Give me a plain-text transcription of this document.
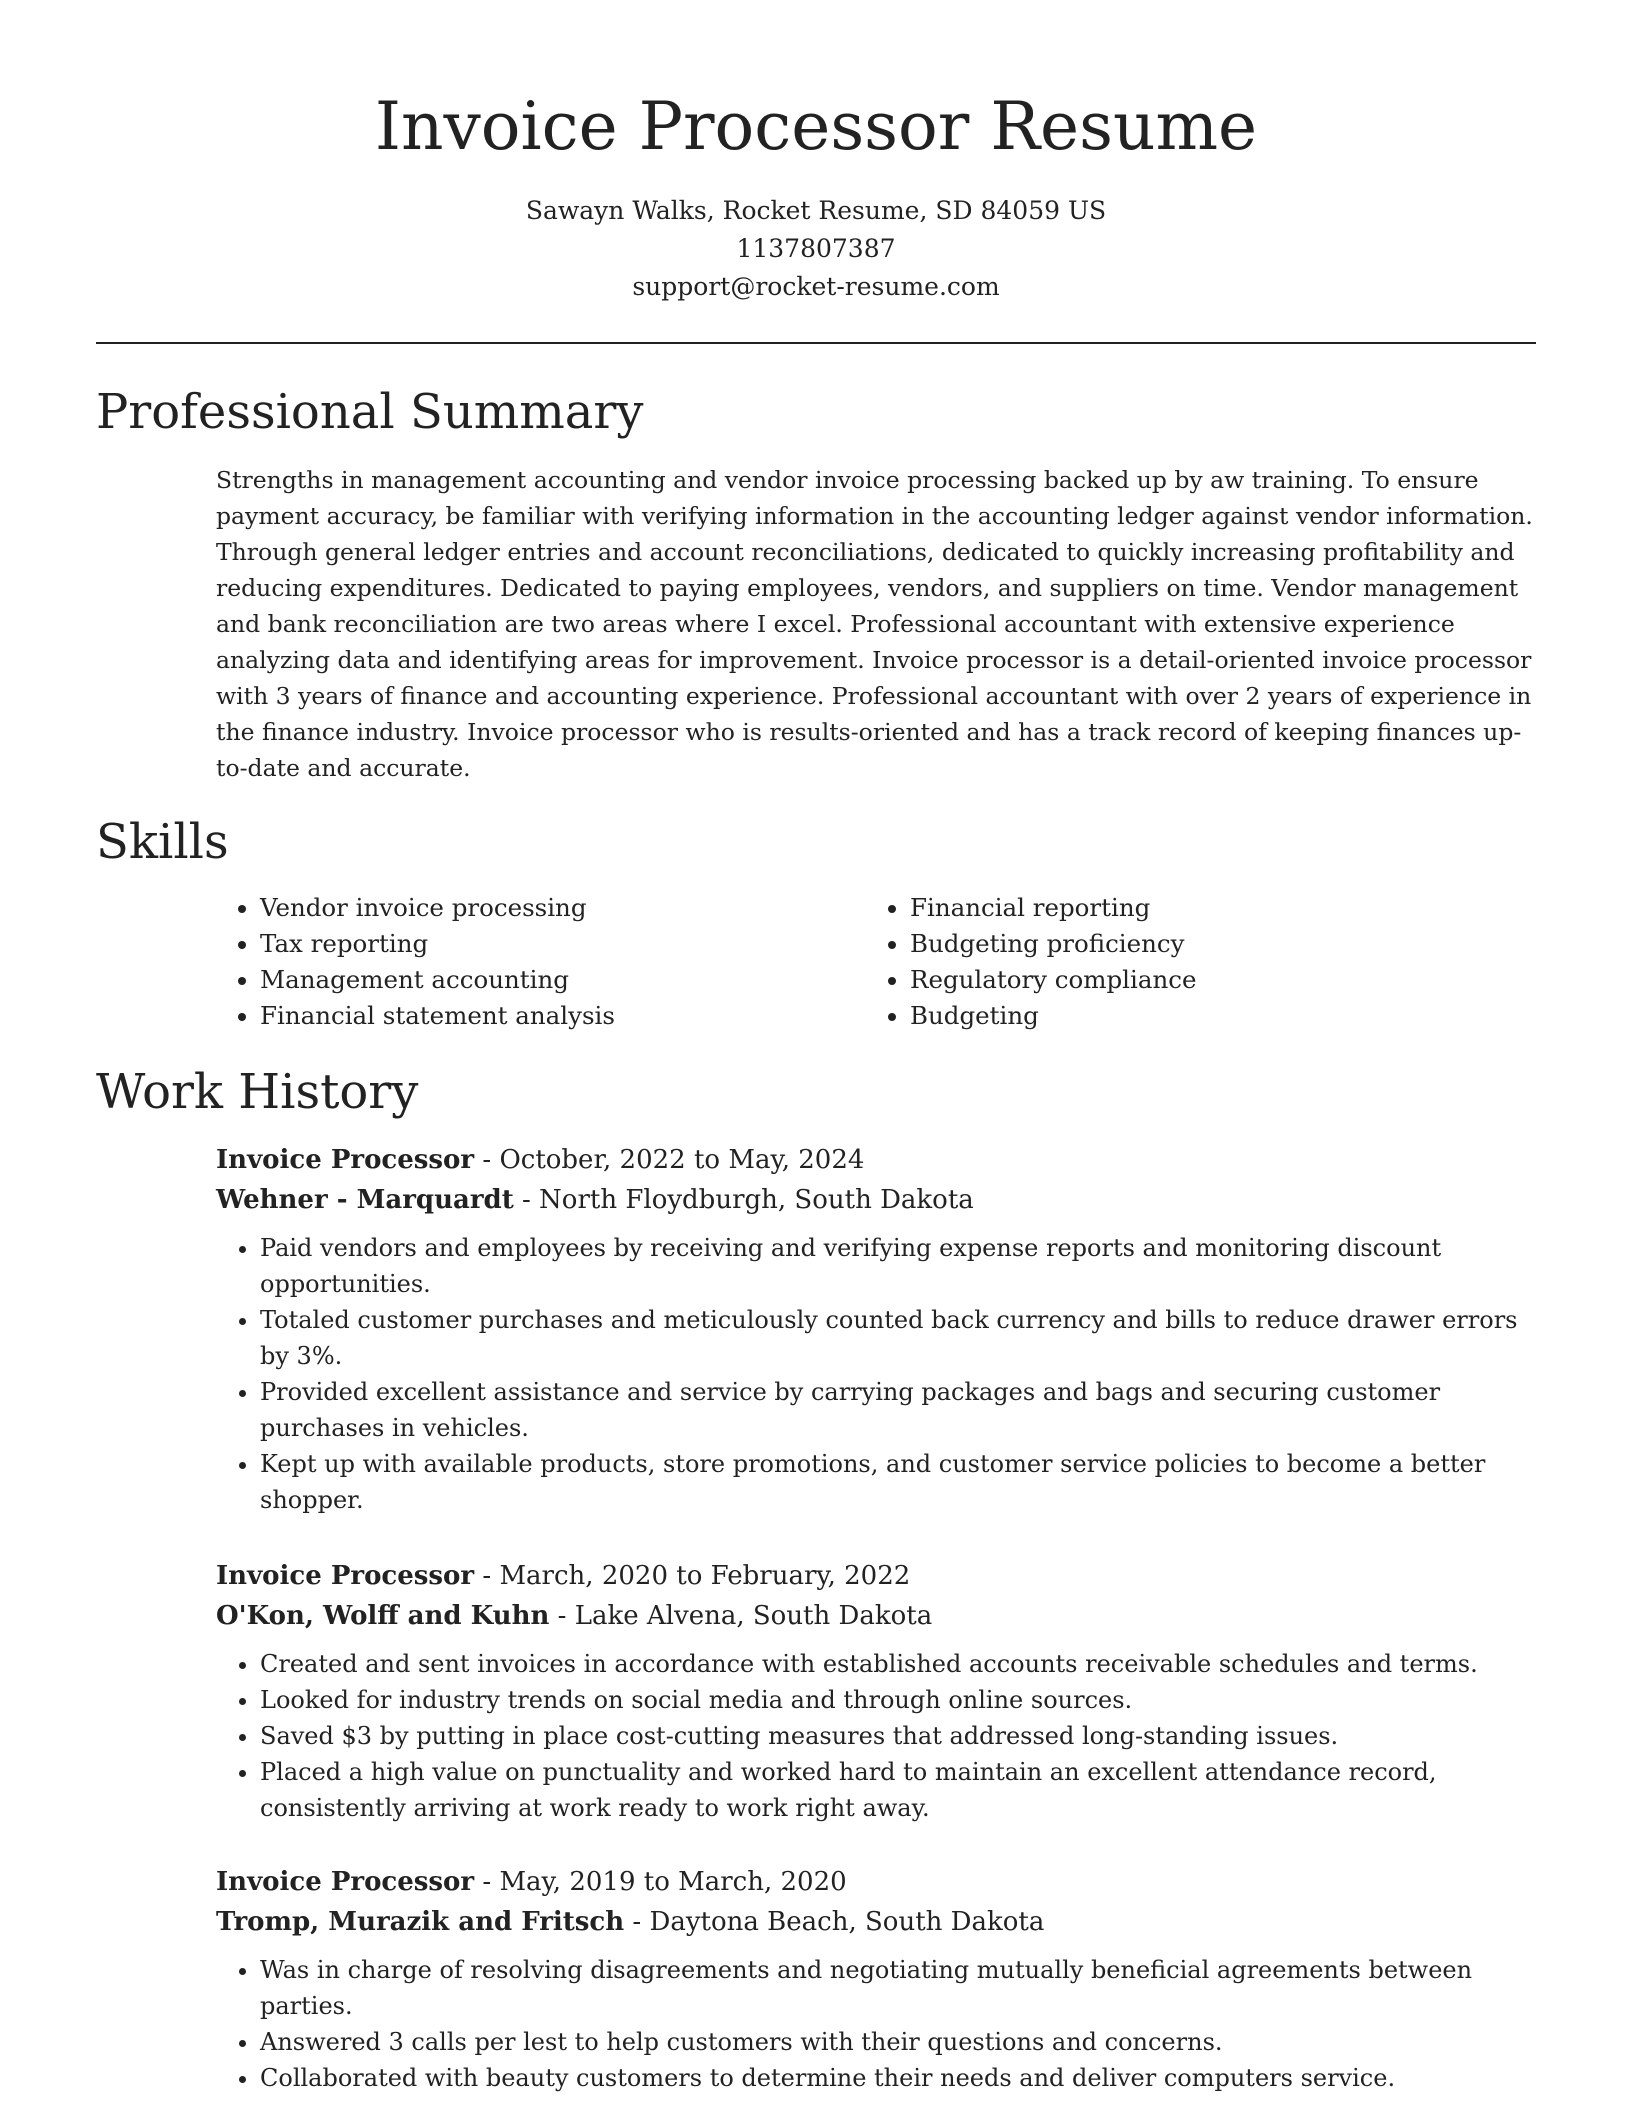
Invoice Processor Resume
Sawayn Walks, Rocket Resume, SD 84059 US
1137807387
support@rocket-resume.com
Professional Summary

Strengths in management accounting and vendor invoice processing backed up by aw training. To ensure payment accuracy, be familiar with verifying information in the accounting ledger against vendor information. Through general ledger entries and account reconciliations, dedicated to quickly increasing profitability and reducing expenditures. Dedicated to paying employees, vendors, and suppliers on time. Vendor management and bank reconciliation are two areas where I excel. Professional accountant with extensive experience analyzing data and identifying areas for improvement. Invoice processor is a detail-oriented invoice processor with 3 years of finance and accounting experience. Professional accountant with over 2 years of experience in the finance industry. Invoice processor who is results-oriented and has a track record of keeping finances up-to-date and accurate.

Skills
• Vendor invoice processing
• Tax reporting
• Management accounting
• Financial statement analysis
• Financial reporting
• Budgeting proficiency
• Regulatory compliance
• Budgeting
Work History
Invoice Processor - October, 2022 to May, 2024
Wehner - Marquardt - North Floydburgh, South Dakota
• Paid vendors and employees by receiving and verifying expense reports and monitoring discount opportunities.
• Totaled customer purchases and meticulously counted back currency and bills to reduce drawer errors by 3%.
• Provided excellent assistance and service by carrying packages and bags and securing customer purchases in vehicles.
• Kept up with available products, store promotions, and customer service policies to become a better shopper.
Invoice Processor - March, 2020 to February, 2022
O'Kon, Wolff and Kuhn - Lake Alvena, South Dakota
• Created and sent invoices in accordance with established accounts receivable schedules and terms.
• Looked for industry trends on social media and through online sources.
• Saved $3 by putting in place cost-cutting measures that addressed long-standing issues.
• Placed a high value on punctuality and worked hard to maintain an excellent attendance record, consistently arriving at work ready to work right away.
Invoice Processor - May, 2019 to March, 2020
Tromp, Murazik and Fritsch - Daytona Beach, South Dakota
• Was in charge of resolving disagreements and negotiating mutually beneficial agreements between parties.
• Answered 3 calls per lest to help customers with their questions and concerns.
• Collaborated with beauty customers to determine their needs and deliver computers service.
